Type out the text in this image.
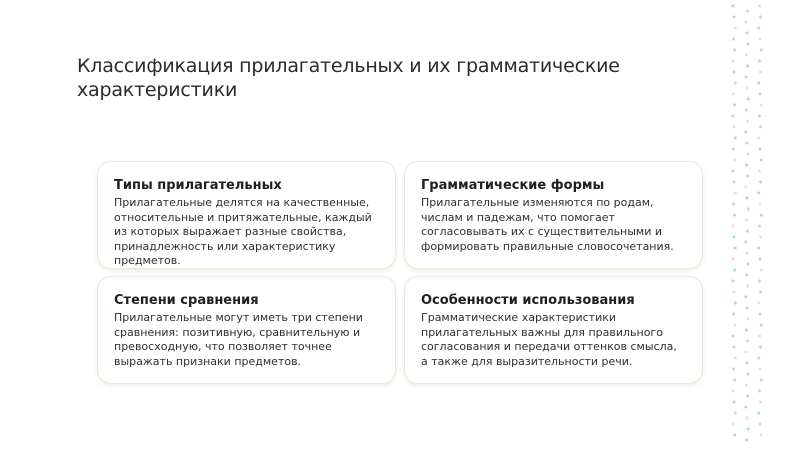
Классификация прилагательных и их грамматические характеристики
Типы прилагательных

Прилагательные делятся на качественные, относительные и притяжательные, каждый из которых выражает разные свойства, принадлежность или характеристику предметов.

Грамматические формы

Прилагательные изменяются по родам, числам и падежам, что помогает согласовывать их с существительными и формировать правильные словосочетания.

Степени сравнения

Прилагательные могут иметь три степени сравнения: позитивную, сравнительную и превосходную, что позволяет точнее выражать признаки предметов.

Особенности использования

Грамматические характеристики прилагательных важны для правильного согласования и передачи оттенков смысла, а также для выразительности речи.
